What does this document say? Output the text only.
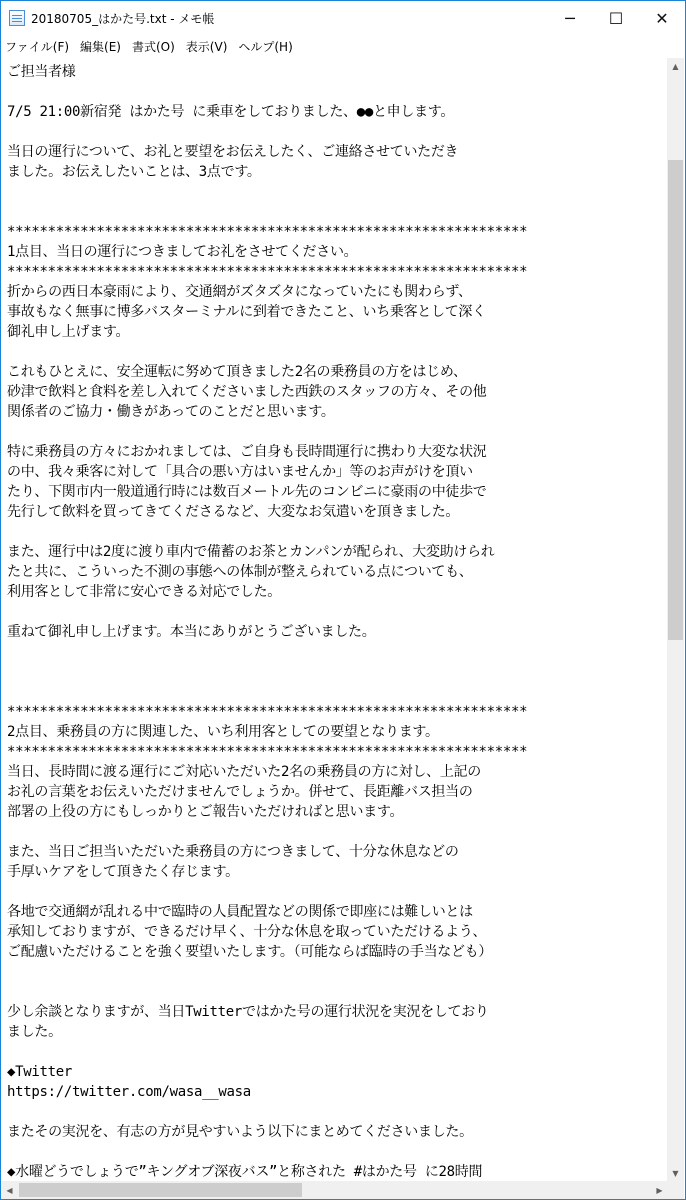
20180705_はかた号.txt - メモ帳	─	☐	✕
ファイル(F) 編集(E) 書式(O) 表示(V) ヘルプ(H)
ご担当者様

7/5 21:00新宿発 はかた号 に乗車をしておりました、●●と申します。

当日の運行について、お礼と要望をお伝えしたく、ご連絡させていただき
ました。お伝えしたいことは、3点です。

****************************************************************
1点目、当日の運行につきましてお礼をさせてください。
****************************************************************
折からの西日本豪雨により、交通網がズタズタになっていたにも関わらず、
事故もなく無事に博多バスターミナルに到着できたこと、いち乗客として深く
御礼申し上げます。

これもひとえに、安全運転に努めて頂きました2名の乗務員の方をはじめ、
砂津で飲料と食料を差し入れてくださいました西鉄のスタッフの方々、その他
関係者のご協力・働きがあってのことだと思います。

特に乗務員の方々におかれましては、ご自身も長時間運行に携わり大変な状況
の中、我々乗客に対して「具合の悪い方はいませんか」等のお声がけを頂い
たり、下関市内一般道通行時には数百メートル先のコンビニに豪雨の中徒歩で
先行して飲料を買ってきてくださるなど、大変なお気遣いを頂きました。

また、運行中は2度に渡り車内で備蓄のお茶とカンパンが配られ、大変助けられ
たと共に、こういった不測の事態への体制が整えられている点についても、
利用客として非常に安心できる対応でした。

重ねて御礼申し上げます。本当にありがとうございました。

****************************************************************
2点目、乗務員の方に関連した、いち利用客としての要望となります。
****************************************************************
当日、長時間に渡る運行にご対応いただいた2名の乗務員の方に対し、上記の
お礼の言葉をお伝えいただけませんでしょうか。併せて、長距離バス担当の
部署の上役の方にもしっかりとご報告いただければと思います。

また、当日ご担当いただいた乗務員の方につきまして、十分な休息などの
手厚いケアをして頂きたく存じます。

各地で交通網が乱れる中で臨時の人員配置などの関係で即座には難しいとは
承知しておりますが、できるだけ早く、十分な休息を取っていただけるよう、
ご配慮いただけることを強く要望いたします。（可能ならば臨時の手当なども）

少し余談となりますが、当日Twitterではかた号の運行状況を実況をしており
ました。

◆Twitter
https://twitter.com/wasa__wasa

またその実況を、有志の方が見やすいよう以下にまとめてくださいました。

◆水曜どうでしょうで”キングオブ深夜バス”と称された #はかた号 に28時間

▲
▼
◀	▶
